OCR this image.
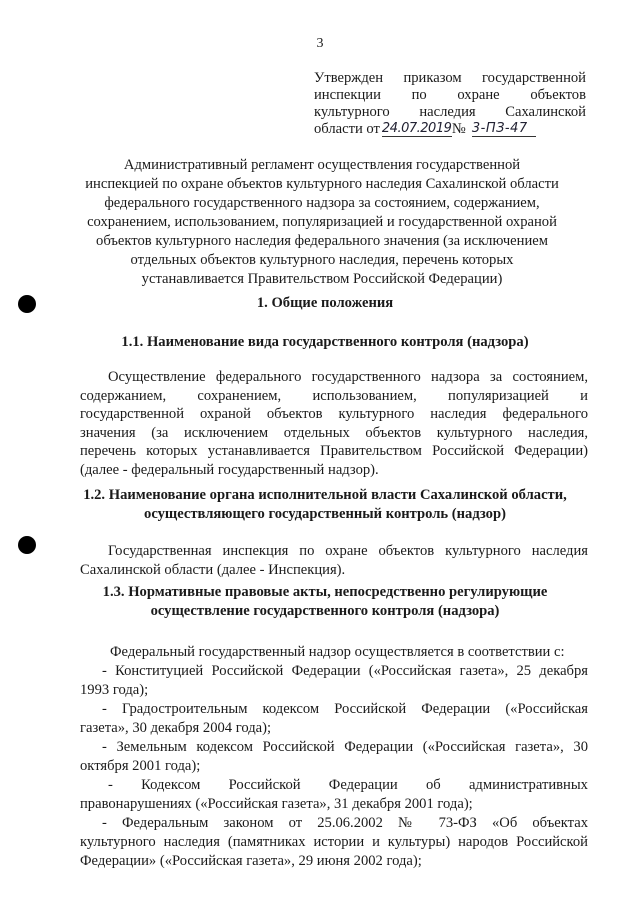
3
Утвержден приказом государственной
инспекции по охране объектов
культурного наследия Сахалинской
области от 24.07.2019 № 3-ПЗ-47
Административный регламент осуществления государственной
инспекцией по охране объектов культурного наследия Сахалинской области
федерального государственного надзора за состоянием, содержанием,
сохранением, использованием, популяризацией и государственной охраной
объектов культурного наследия федерального значения (за исключением
отдельных объектов культурного наследия, перечень которых
устанавливается Правительством Российской Федерации)
1. Общие положения
1.1. Наименование вида государственного контроля (надзора)
Осуществление федерального государственного надзора за состоянием,
содержанием, сохранением, использованием, популяризацией и
государственной охраной объектов культурного наследия федерального
значения (за исключением отдельных объектов культурного наследия,
перечень которых устанавливается Правительством Российской Федерации)
(далее - федеральный государственный надзор).
1.2. Наименование органа исполнительной власти Сахалинской области,
осуществляющего государственный контроль (надзор)
Государственная инспекция по охране объектов культурного наследия
Сахалинской области (далее - Инспекция).
1.3. Нормативные правовые акты, непосредственно регулирующие
осуществление государственного контроля (надзора)
Федеральный государственный надзор осуществляется в соответствии с:
- Конституцией Российской Федерации («Российская газета», 25 декабря
1993 года);
- Градостроительным кодексом Российской Федерации («Российская
газета», 30 декабря 2004 года);
- Земельным кодексом Российской Федерации («Российская газета», 30
октября 2001 года);
- Кодексом Российской Федерации об административных
правонарушениях («Российская газета», 31 декабря 2001 года);
- Федеральным законом от 25.06.2002 № 73-ФЗ «Об объектах
культурного наследия (памятниках истории и культуры) народов Российской
Федерации» («Российская газета», 29 июня 2002 года);
